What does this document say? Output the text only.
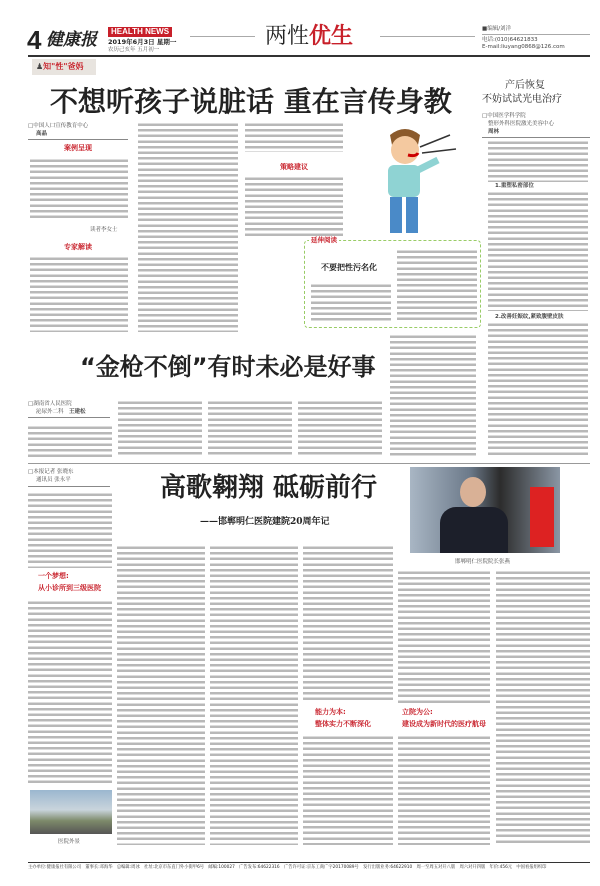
4 健康报	HEALTH NEWS
2019年6月3日 星期一
农历己亥年 五月初一
两性优生	■编辑/刘洋
电话:(010)64621833
E-mail:liuyang0868@126.com
♟知"性"爸妈
不想听孩子说脏话 重在言传身教
□中国人口宣传教育中心
高晶
案例呈现
读者李女士
专家解读
策略建议
延伸阅读
不要把性污名化
产后恢复
不妨试试光电治疗
□中国医学科学院
整形外科医院激光美容中心
周林
1.重塑私密部位
2.改善妊娠纹,紧致腹壁皮肤
“金枪不倒”有时未必是好事
□湖南省人民医院
泌尿外二科　 王建松
□本报记者 张晓东
通讯员 张永平	高歌翱翔 砥砺前行
——邯郸明仁医院建院20周年记
邯郸明仁医院院长张燕
一个梦想:
从小诊所到三级医院
医院外景
能力为本:
整体实力不断深化
立院为公:
建设成为新时代的医疗航母
主办单位:健康报社有限公司　董事长:邓海华　总编辑:周冰　社址:北京市东直门外小街甲6号　邮编:100027　广告发布:64622316　广告许可证:京东工商广字20170089号　发行出版业务:64622910　周一至周五对开八版　周六对开四版　年价:456元　中国看报组织印
